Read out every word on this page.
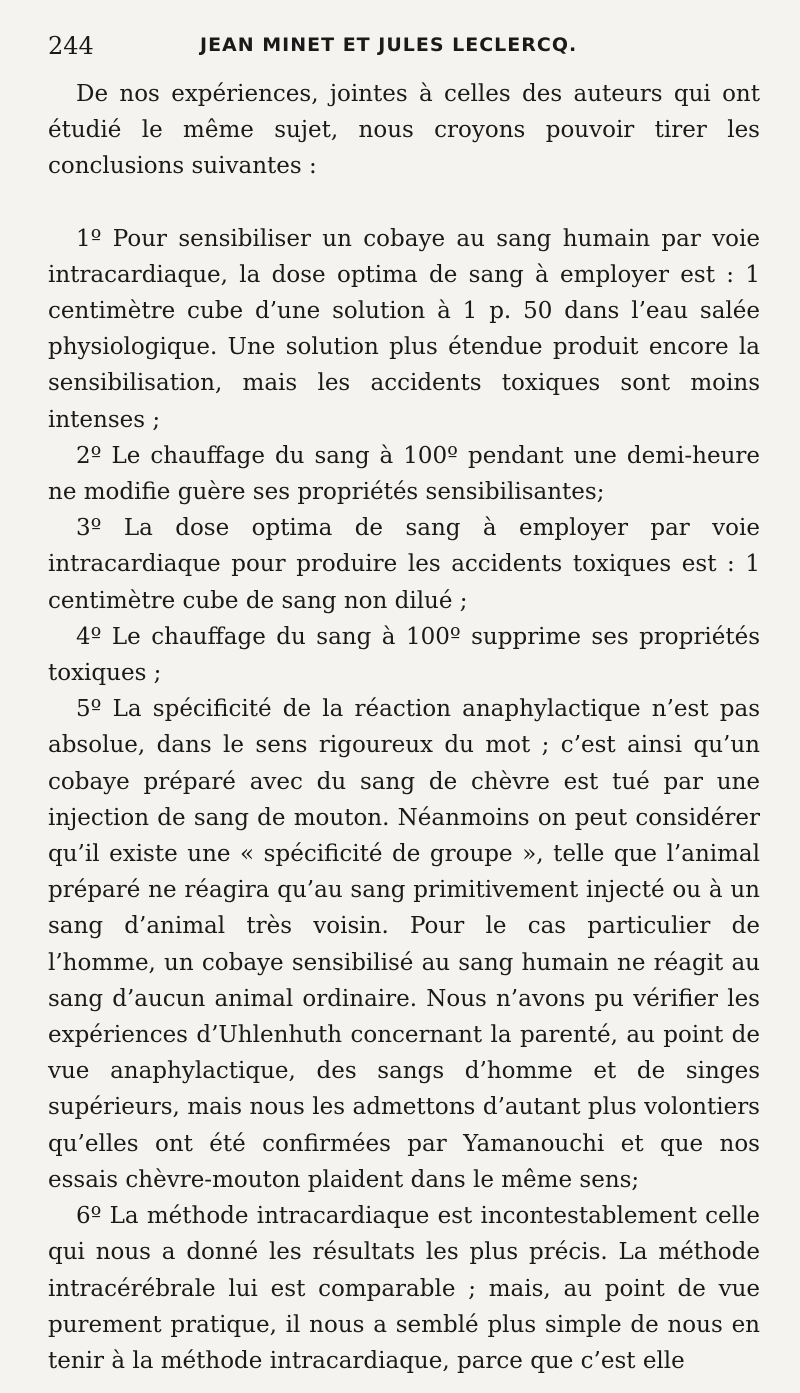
244	JEAN MINET ET JULES LECLERCQ.

De nos expériences, jointes à celles des auteurs qui ont étudié le même sujet, nous croyons pouvoir tirer les conclusions suivantes :

1º Pour sensibiliser un cobaye au sang humain par voie intracardiaque, la dose optima de sang à employer est : 1 centimètre cube d’une solution à 1 p. 50 dans l’eau salée physiologique. Une solution plus étendue produit encore la sensibilisation, mais les accidents toxiques sont moins intenses ;

2º Le chauffage du sang à 100º pendant une demi-heure ne modifie guère ses propriétés sensibilisantes;

3º La dose optima de sang à employer par voie intracardiaque pour produire les accidents toxiques est : 1 centimètre cube de sang non dilué ;

4º Le chauffage du sang à 100º supprime ses propriétés toxiques ;

5º La spécificité de la réaction anaphylactique n’est pas absolue, dans le sens rigoureux du mot ; c’est ainsi qu’un cobaye préparé avec du sang de chèvre est tué par une injection de sang de mouton. Néanmoins on peut considérer qu’il existe une « spécificité de groupe », telle que l’animal préparé ne réagira qu’au sang primitivement injecté ou à un sang d’animal très voisin. Pour le cas particulier de l’homme, un cobaye sensibilisé au sang humain ne réagit au sang d’aucun animal ordinaire. Nous n’avons pu vérifier les expériences d’Uhlenhuth concernant la parenté, au point de vue anaphylactique, des sangs d’homme et de singes supérieurs, mais nous les admettons d’autant plus volontiers qu’elles ont été confirmées par Yamanouchi et que nos essais chèvre-mouton plaident dans le même sens;

6º La méthode intracardiaque est incontestablement celle qui nous a donné les résultats les plus précis. La méthode intracérébrale lui est comparable ; mais, au point de vue purement pratique, il nous a semblé plus simple de nous en tenir à la méthode intracardiaque, parce que c’est elle
